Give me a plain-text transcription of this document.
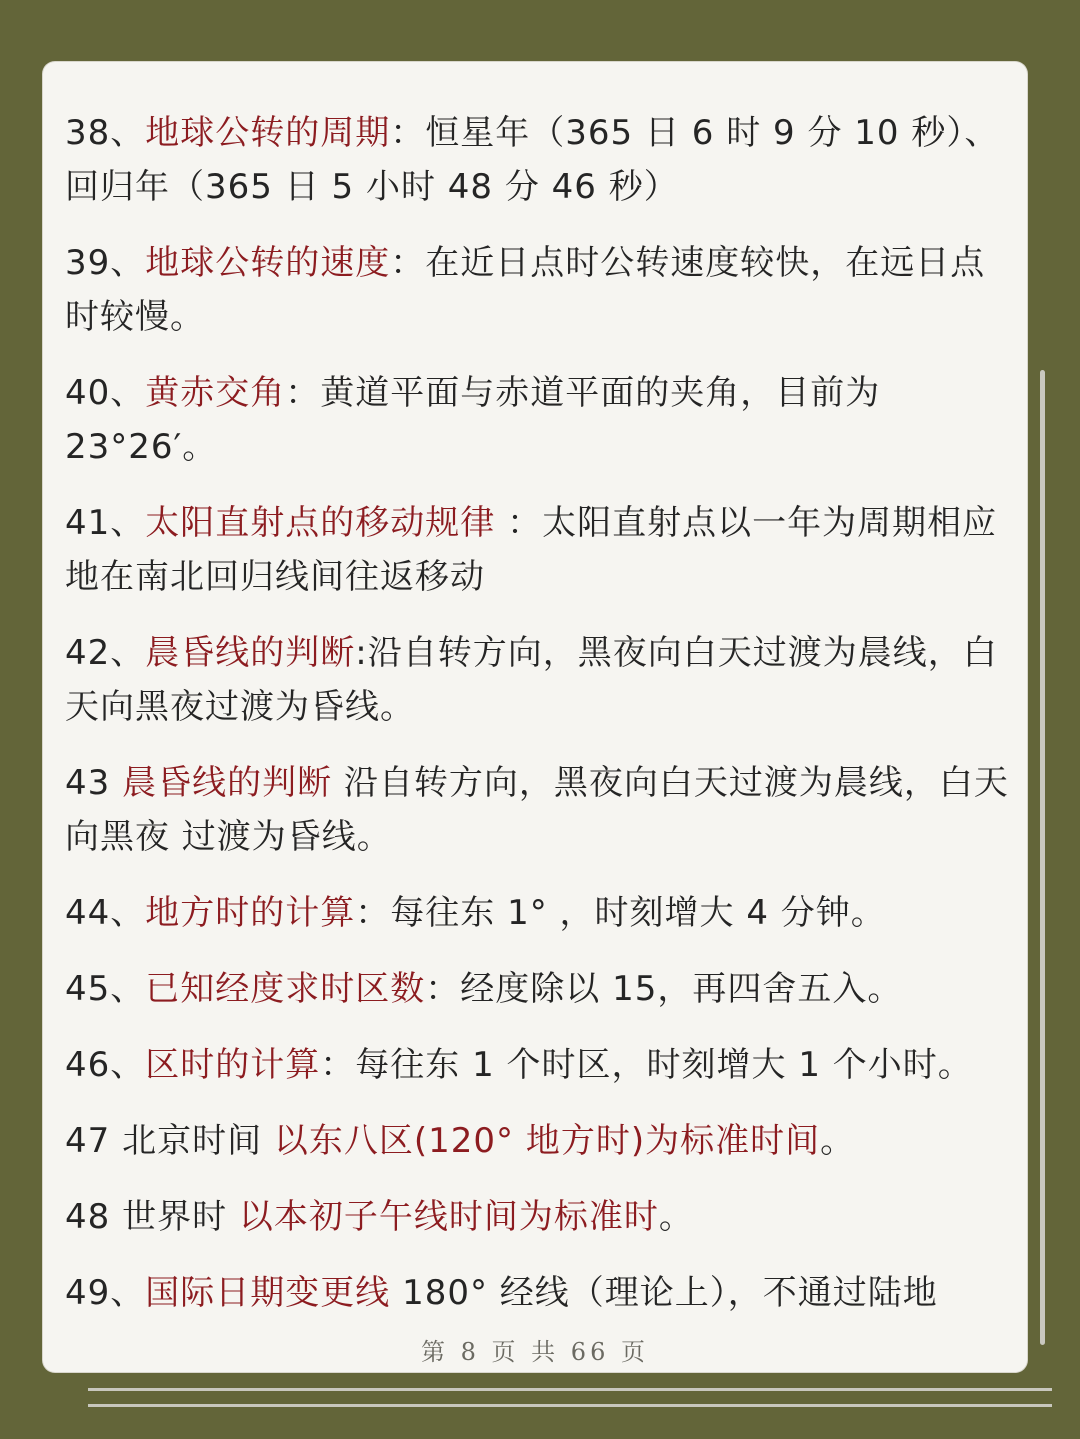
38、地球公转的周期：恒星年（365 日 6 时 9 分 10 秒）、回归年（365 日 5 小时 48 分 46 秒）

39、地球公转的速度：在近日点时公转速度较快，在远日点时较慢。

40、黄赤交角：黄道平面与赤道平面的夹角，目前为 23°26′。

41、太阳直射点的移动规律 ：太阳直射点以一年为周期相应地在南北回归线间往返移动

42、晨昏线的判断:沿自转方向，黑夜向白天过渡为晨线，白天向黑夜过渡为昏线。

43 晨昏线的判断 沿自转方向，黑夜向白天过渡为晨线，白天向黑夜 过渡为昏线。

44、地方时的计算：每往东 1° ，时刻增大 4 分钟。

45、已知经度求时区数：经度除以 15，再四舍五入。

46、区时的计算：每往东 1 个时区，时刻增大 1 个小时。

47 北京时间 以东八区(120° 地方时)为标准时间。

48 世界时 以本初子午线时间为标准时。

49、国际日期变更线 180° 经线（理论上），不通过陆地

第 8 页 共 66 页
